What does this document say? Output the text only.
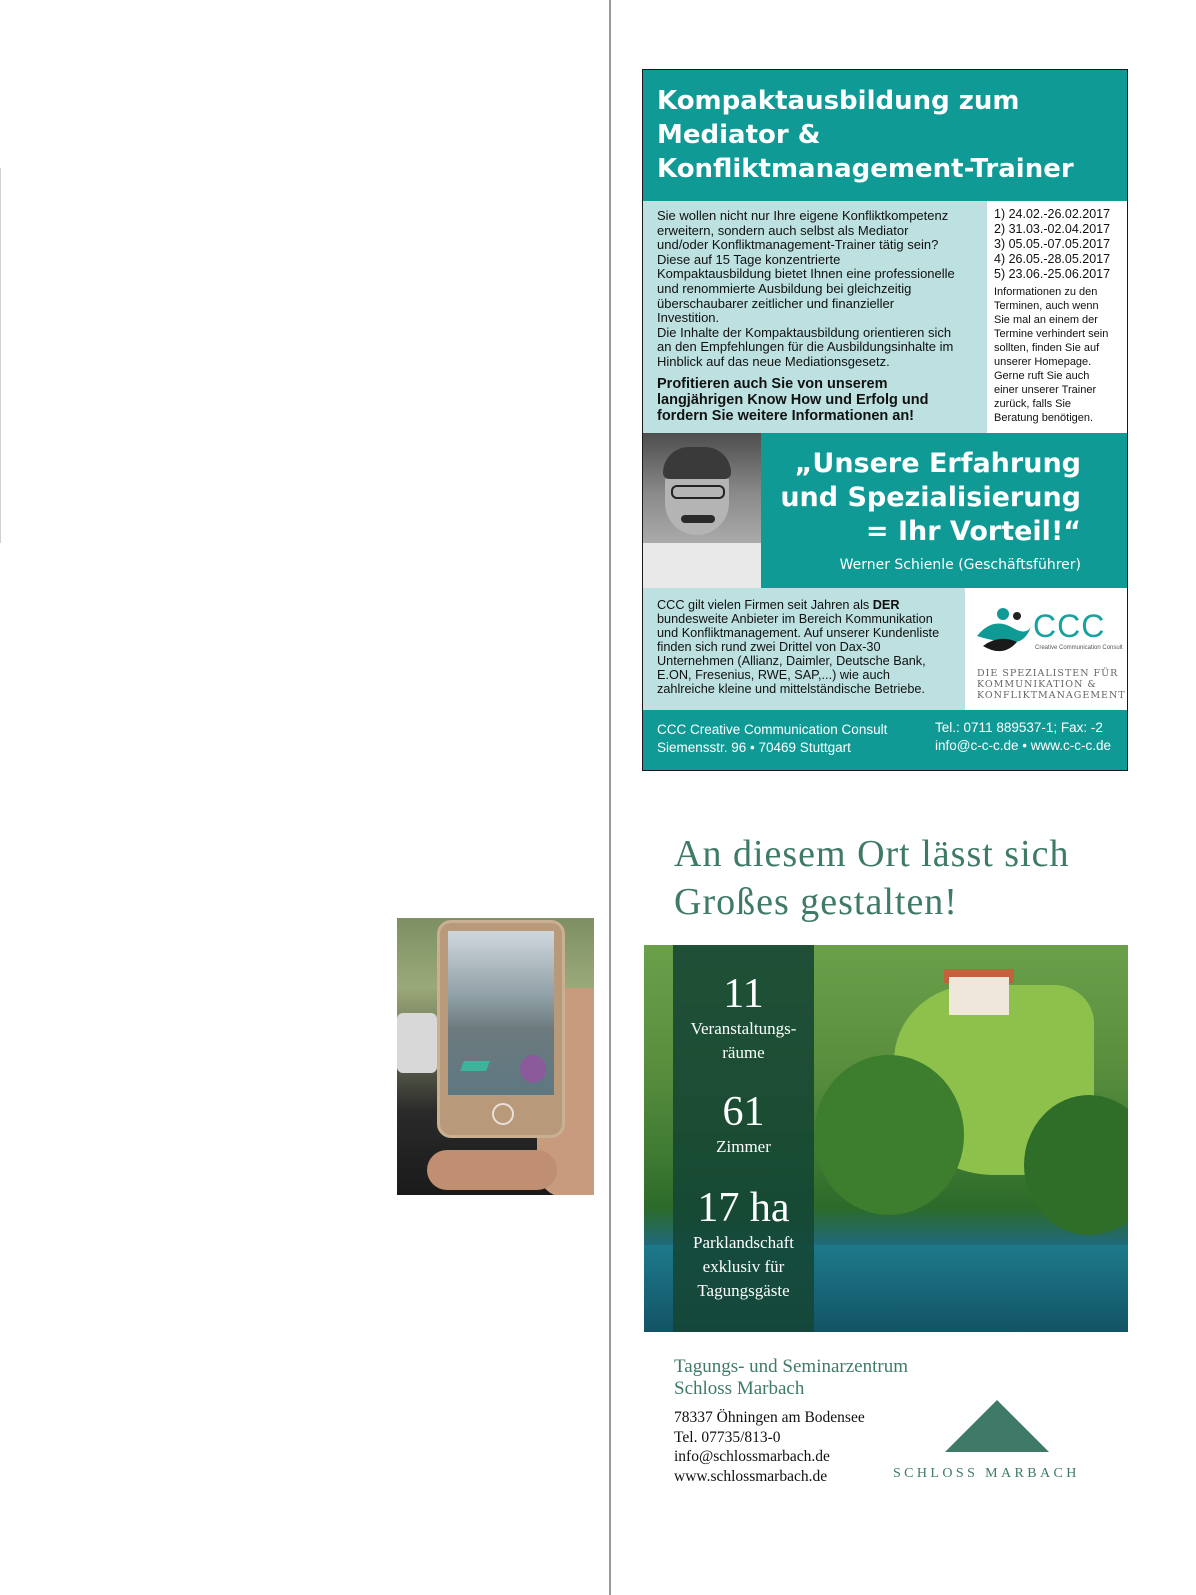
Kompaktausbildung zum
Mediator &
Konfliktmanagement-Trainer
Sie wollen nicht nur Ihre eigene Konfliktkompetenz
erweitern, sondern auch selbst als Mediator
und/oder Konfliktmanagement-Trainer tätig sein?
Diese auf 15 Tage konzentrierte
Kompaktausbildung bietet Ihnen eine professionelle
und renommierte Ausbildung bei gleichzeitig
überschaubarer zeitlicher und finanzieller
Investition.
Die Inhalte der Kompaktausbildung orientieren sich
an den Empfehlungen für die Ausbildungsinhalte im
Hinblick auf das neue Mediationsgesetz.
Profitieren auch Sie von unserem
langjährigen Know How und Erfolg und
fordern Sie weitere Informationen an!
1) 24.02.-26.02.2017
2) 31.03.-02.04.2017
3) 05.05.-07.05.2017
4) 26.05.-28.05.2017
5) 23.06.-25.06.2017
Informationen zu den
Terminen, auch wenn
Sie mal an einem der
Termine verhindert sein
sollten, finden Sie auf
unserer Homepage.
Gerne ruft Sie auch
einer unserer Trainer
zurück, falls Sie
Beratung benötigen.
„Unsere Erfahrung
und Spezialisierung
= Ihr Vorteil!“
Werner Schienle (Geschäftsführer)
CCC gilt vielen Firmen seit Jahren als DER
bundesweite Anbieter im Bereich Kommunikation
und Konfliktmanagement. Auf unserer Kundenliste
finden sich rund zwei Drittel von Dax-30
Unternehmen (Allianz, Daimler, Deutsche Bank,
E.ON, Fresenius, RWE, SAP,...) wie auch
zahlreiche kleine und mittelständische Betriebe.
CCC
Creative Communication Consult
DIE SPEZIALISTEN FÜR
KOMMUNIKATION &
KONFLIKTMANAGEMENT
CCC Creative Communication Consult
Siemensstr. 96 • 70469 Stuttgart
Tel.: 0711 889537-1; Fax: -2
info@c-c-c.de • www.c-c-c.de
An diesem Ort lässt sich
Großes gestalten!
11
Veranstaltungs-
räume
61
Zimmer
17 ha
Parklandschaft
exklusiv für
Tagungsgäste
Tagungs- und Seminarzentrum
Schloss Marbach
78337 Öhningen am Bodensee
Tel. 07735/813-0
info@schlossmarbach.de
www.schlossmarbach.de	SCHLOSS MARBACH
